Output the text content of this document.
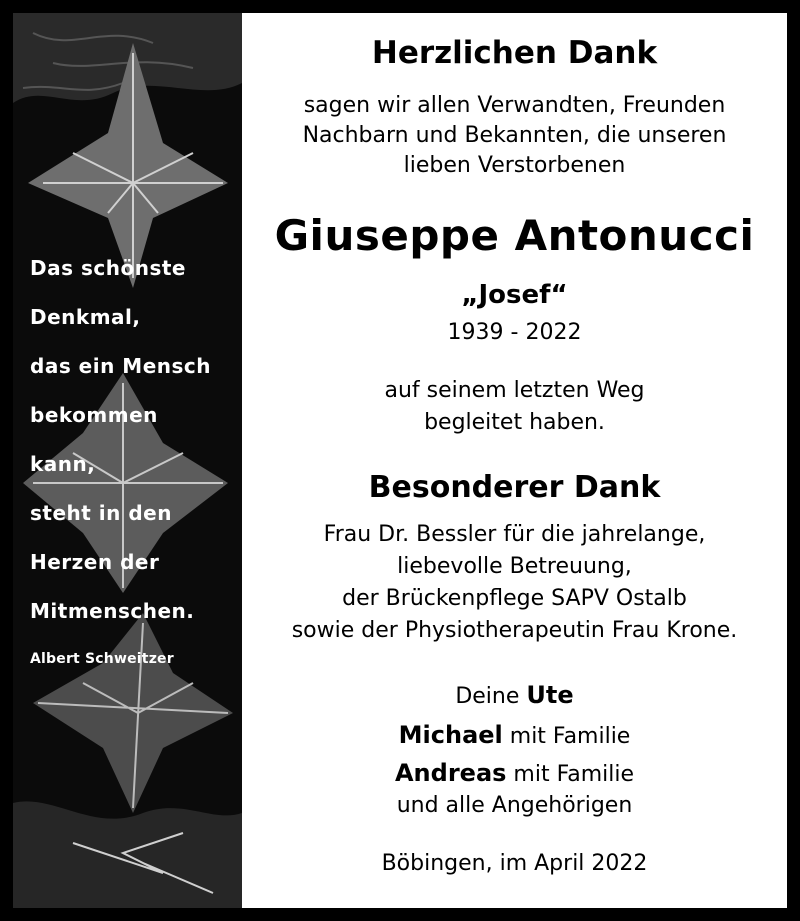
Das schönste
Denkmal,
das ein Mensch
bekommen
kann,
steht in den
Herzen der
Mitmenschen.
Albert Schweitzer
Herzlichen Dank
sagen wir allen Verwandten, Freunden
Nachbarn und Bekannten, die unseren
lieben Verstorbenen
Giuseppe Antonucci
„Josef“
1939 - 2022
auf seinem letzten Weg
begleitet haben.
Besonderer Dank
Frau Dr. Bessler für die jahrelange,
liebevolle Betreuung,
der Brückenpflege SAPV Ostalb
sowie der Physiotherapeutin Frau Krone.
Deine Ute
Michael mit Familie
Andreas mit Familie
und alle Angehörigen
Böbingen, im April 2022
